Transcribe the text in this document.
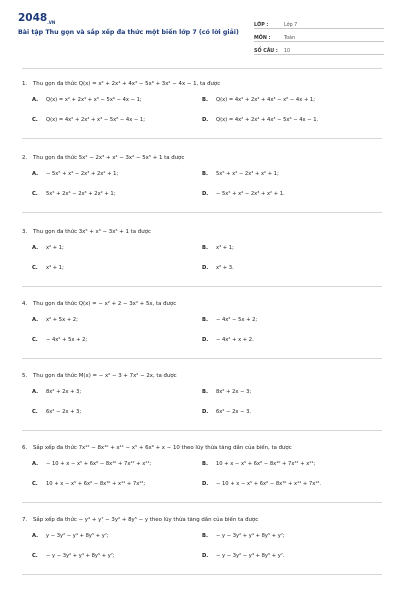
$2048_{.VN}$
Bài tập Thu gọn và sắp xếp đa thức một biến lớp 7 (có lời giải)
LỚP :	Lớp 7
MÔN :	Toán
SỐ CÂU :	10
1.	Thu gọn đa thức Q(x) = x² + 2x⁴ + 4x³ − 5x⁶ + 3x² − 4x − 1, ta được
A.	Q(x) = x² + 2x⁴ + x³ − 5x⁶ − 4x − 1;	B.	Q(x) = 4x² + 2x⁴ + 4x³ − x⁶ − 4x + 1;
C.	Q(x) = 4x² + 2x⁴ + x³ − 5x⁶ − 4x − 1;	D.	Q(x) = 4x² + 2x⁴ + 4x³ − 5x⁶ − 4x − 1.
2.	Thu gọn đa thức 5x² − 2x³ + x⁴ − 3x² − 5x⁵ + 1 ta được
A.	− 5x⁵ + x⁴ − 2x³ + 2x² + 1;	B.	5x⁵ + x⁴ − 2x³ + x² + 1;
C.	5x⁵ + 2x⁴ − 2x³ + 2x² + 1;	D.	− 5x⁵ + x⁴ − 2x³ + x² + 1.
3.	Thu gọn đa thức 3x⁵ + x³ − 3x⁵ + 1 ta được
A.	x² + 1;	B.	x³ + 1;
C.	x⁴ + 1;	D.	x² + 3.
4.	Thu gọn đa thức Q(x) = − x² + 2 − 3x² + 5x, ta được
A.	x² + 5x + 2;	B.	− 4x² − 5x + 2;
C.	− 4x² + 5x + 2;	D.	− 4x² + x + 2.
5.	Thu gọn đa thức M(x) = − x² − 3 + 7x² − 2x, ta được
A.	8x² + 2x + 3;	B.	8x² + 2x − 3;
C.	6x² − 2x + 3;	D.	6x² − 2x − 3.
6.	Sắp xếp đa thức 7x¹² − 8x¹⁰ + x¹¹ − x⁵ + 6x⁶ + x − 10 theo lũy thừa tăng dần của biến, ta được
A.	− 10 + x − x⁵ + 6x⁶ − 8x¹⁰ + 7x¹² + x¹¹;	B.	10 + x − x⁵ + 6x⁶ − 8x¹⁰ + 7x¹² + x¹¹;
C.	10 + x − x⁵ + 6x⁶ − 8x¹⁰ + x¹¹ + 7x¹²;	D.	− 10 + x − x⁵ + 6x⁶ − 8x¹⁰ + x¹¹ + 7x¹².
7.	Sắp xếp đa thức − y⁴ + y⁷ − 3y² + 8y⁵ − y theo lũy thừa tăng dần của biến ta được
A.	y − 3y² − y⁴ + 8y⁵ + y⁷;	B.	− y − 3y² + y⁴ + 8y⁵ + y⁷;
C.	− y − 3y² + y⁴ + 8y⁵ + y⁷;	D.	− y − 3y² − y⁴ + 8y⁵ + y⁷.
